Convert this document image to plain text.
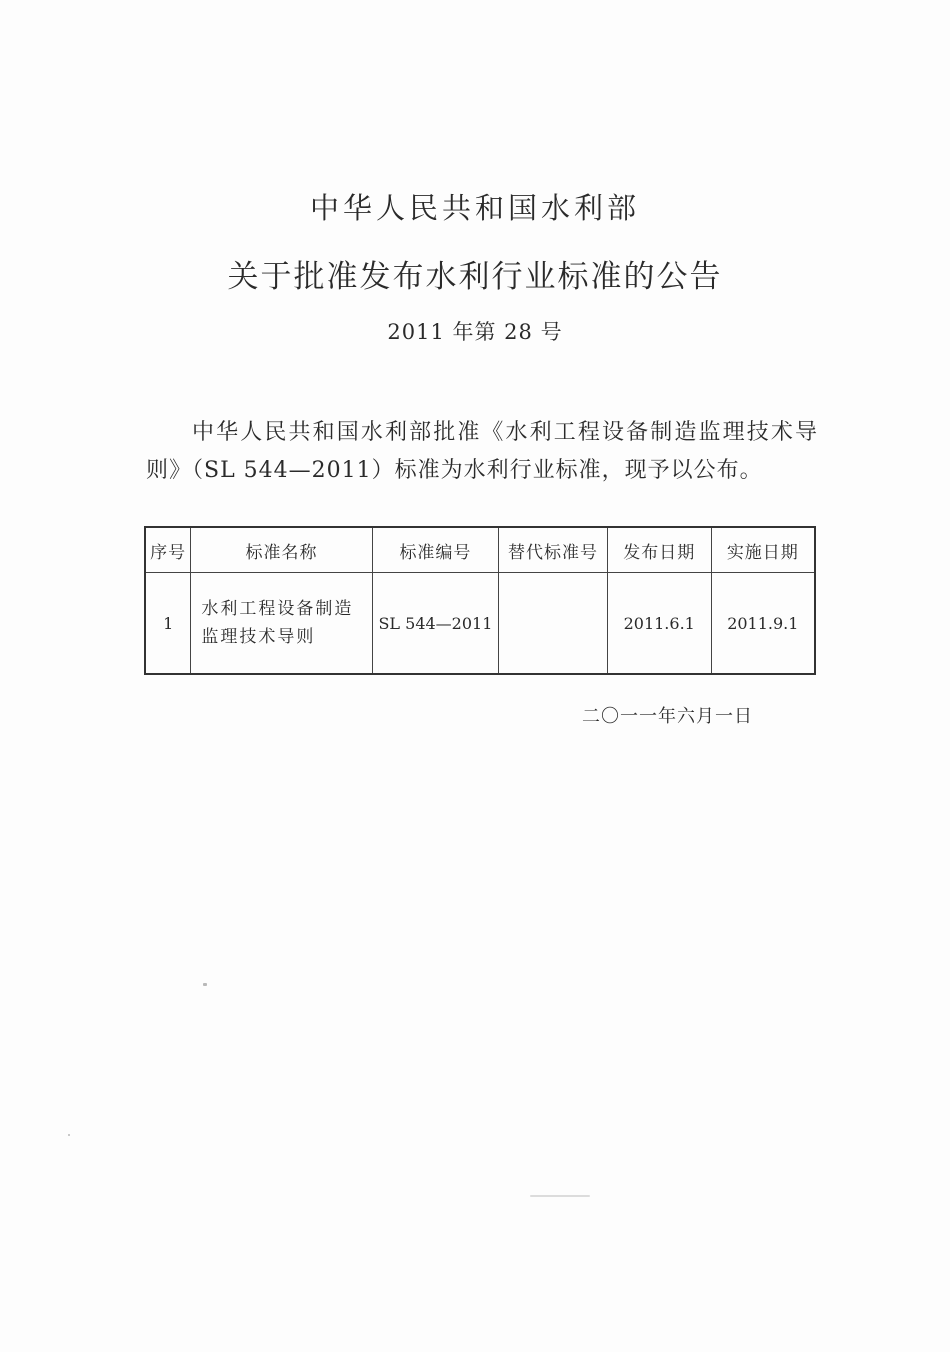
中华人民共和国水利部
关于批准发布水利行业标准的公告
2011 年第 28 号
中华人民共和国水利部批准《水利工程设备制造监理技术导则》（SL 544—2011）标准为水利行业标准，现予以公布。
序号	标准名称	标准编号	替代标准号	发布日期	实施日期
1	水利工程设备制造监理技术导则	SL 544—2011		2011.6.1	2011.9.1
二〇一一年六月一日
